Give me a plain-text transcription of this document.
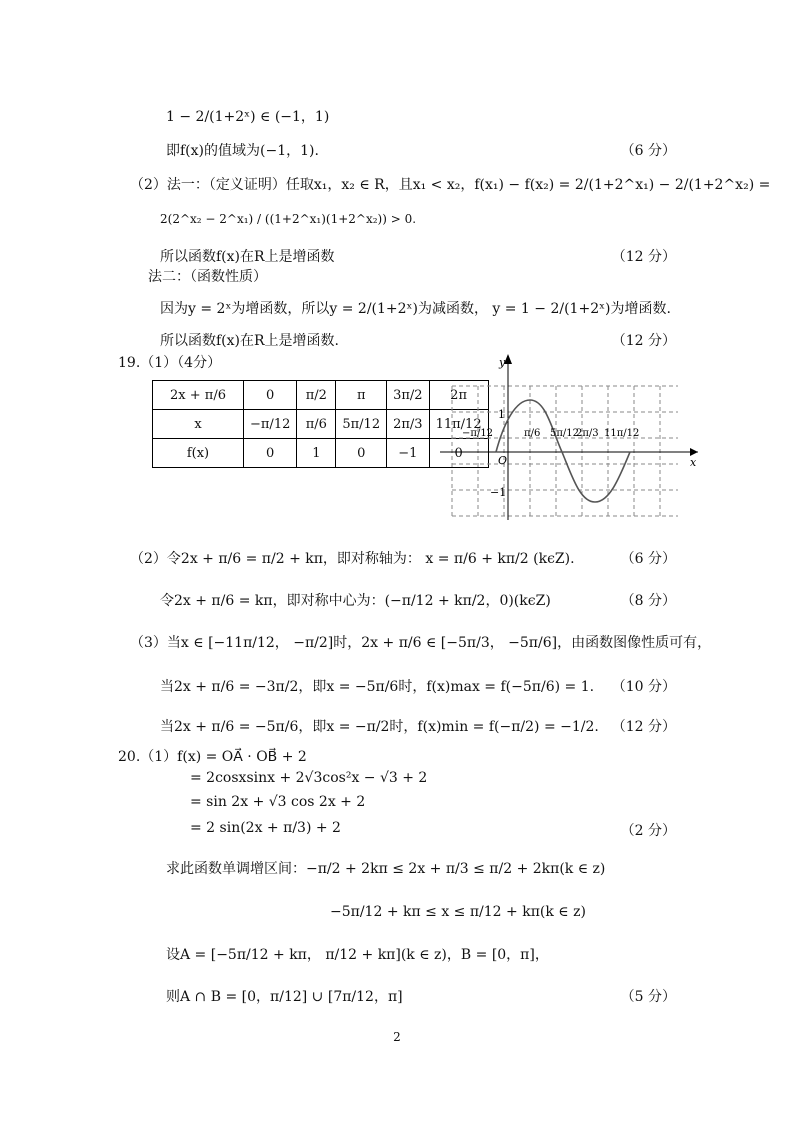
1 − 2/(1+2ˣ) ∈ (−1，1)
即f(x)的值域为(−1，1).	（6 分）
（2）法一：（定义证明）任取x₁，x₂ ∈ R，且x₁ < x₂，f(x₁) − f(x₂) = 2/(1+2^x₁) − 2/(1+2^x₂) =
2(2^x₂ − 2^x₁) / ((1+2^x₁)(1+2^x₂)) > 0.
所以函数f(x)在R上是增函数	（12 分）
法二：（函数性质）
因为y = 2ˣ为增函数，所以y = 2/(1+2ˣ)为减函数， y = 1 − 2/(1+2ˣ)为增函数.
所以函数f(x)在R上是增函数.	（12 分）
19.（1）（4分）
2x + π/6	0	π/2	π	3π/2	2π
x	−π/12	π/6	5π/12	2π/3	11π/12
f(x)	0	1	0	−1	0
y
x
O
1
−1
−π/12	π/6 5π/12
2π/3 11π/12
（2）令2x + π/6 = π/2 + kπ，即对称轴为： x = π/6 + kπ/2 (kϵZ).	（6 分）
令2x + π/6 = kπ，即对称中心为：(−π/12 + kπ/2，0)(kϵZ)	（8 分）
（3）当x ∈ [−11π/12， −π/2]时，2x + π/6 ∈ [−5π/3， −5π/6]，由函数图像性质可有，
当2x + π/6 = −3π/2，即x = −5π/6时，f(x)max = f(−5π/6) = 1. （10 分）
当2x + π/6 = −5π/6，即x = −π/2时，f(x)min = f(−π/2) = −1/2. （12 分）
20.（1）f(x) = OA⃗ · OB⃗ + 2
= 2cosxsinx + 2√3cos²x − √3 + 2
= sin 2x + √3 cos 2x + 2
= 2 sin(2x + π/3) + 2	（2 分）
求此函数单调增区间：−π/2 + 2kπ ≤ 2x + π/3 ≤ π/2 + 2kπ(k ∈ z)
−5π/12 + kπ ≤ x ≤ π/12 + kπ(k ∈ z)
设A = [−5π/12 + kπ， π/12 + kπ](k ∈ z)，B = [0，π]，
则A ∩ B = [0，π/12] ∪ [7π/12，π]	（5 分）
2
